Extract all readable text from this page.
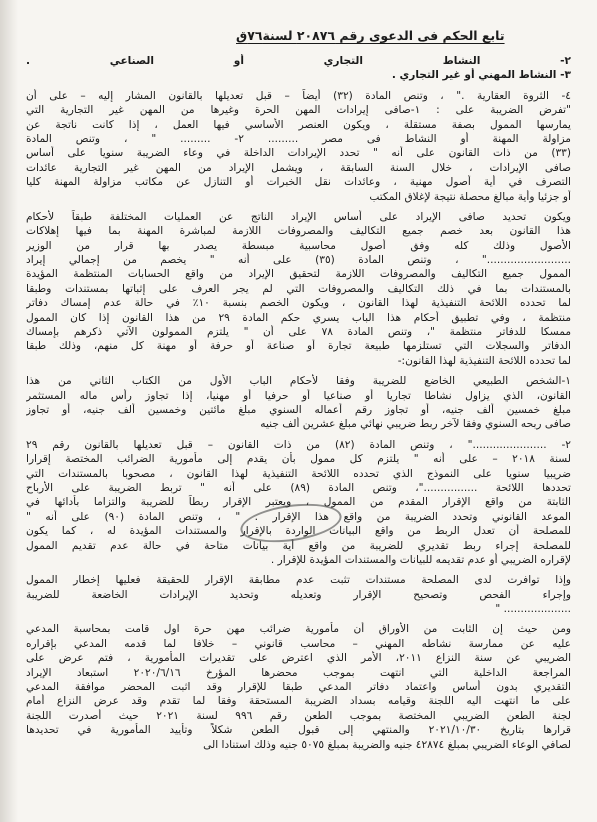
تابع الحكم فى الدعوى رقم ٢٠٨٧٦ لسنة٧٦ق
٢- النشاط التجاري أو الصناعي .
٣- النشاط المهني أو غير التجاري .
٤- الثروة العقارية ." ، وتنص المادة (٣٢) أيضاً – قبل تعديلها بالقانون المشار إليه – على أن
"تفرض الضريبة على : ١-صافى إيرادات المهن الحرة وغيرها من المهن غير التجارية التي
يمارسها الممول بصفة مستقلة ، ويكون العنصر الأساسي فيها العمل ، إذا كانت ناتجة عن
مزاولة المهنة أو النشاط فى مصر ......... ٢- ......... " ، وتنص المادة
(٣٣) من ذات القانون على أنه " تحدد الإيرادات الداخلة في وعاء الضريبة سنويا على أساس
صافى الإيرادات ، خلال السنة السابقة ، ويشمل الإيراد من المهن غير التجارية عائدات
التصرف في أية أصول مهنية ، وعائدات نقل الخبرات أو التنازل عن مكاتب مزاولة المهنة كليا
أو جزئيا وأية مبالغ محصلة نتيجة لإغلاق المكتب
ويكون تحديد صافى الإيراد على أساس الإيراد الناتج عن العمليات المختلفة طبقاً لأحكام
هذا القانون بعد خصم جميع التكاليف والمصروفات اللازمة لمباشرة المهنة بما فيها إهلاكات
الأصول وذلك كله وفق أصول محاسبية مبسطة يصدر بها قرار من الوزير
........................." ، وتنص المادة (٣٥) على أنه " يخصم من إجمالي إيراد
الممول جميع التكاليف والمصروفات اللازمة لتحقيق الإيراد من واقع الحسابات المنتظمة المؤيدة
بالمستندات بما في ذلك التكاليف والمصروفات التي لم يجر العرف على إثباتها بمستندات وطبقا
لما تحدده اللائحة التنفيذية لهذا القانون ، ويكون الخصم بنسبة ١٠٪ في حالة عدم إمساك دفاتر
منتظمة ، وفي تطبيق أحكام هذا الباب يسري حكم المادة ٢٩ من هذا القانون إذا كان الممول
ممسكا للدفاتر منتظمة "، وتنص المادة ٧٨ على أن " يلتزم الممولون الآتي ذكرهم بإمساك
الدفاتر والسجلات التي تستلزمها طبيعة تجارة أو صناعة أو حرفة أو مهنة كل منهم، وذلك طبقا
لما تحدده اللائحة التنفيذية لهذا القانون:-
١-الشخص الطبيعي الخاضع للضريبة وفقا لأحكام الباب الأول من الكتاب الثاني من هذا
القانون، الذي يزاول نشاطا تجاريا أو صناعيا أو حرفيا أو مهنيا، إذا تجاوز رأس ماله المستثمر
مبلغ خمسين ألف جنيه، أو تجاوز رقم أعماله السنوي مبلغ مائتين وخمسين ألف جنيه، أو تجاوز
صافى ربحه السنوي وفقا لآخر ربط ضريبي نهائي مبلغ عشرين ألف جنيه
٢- ......................" ، وتنص المادة (٨٢) من ذات القانون – قبل تعديلها بالقانون رقم ٢٩
لسنة ٢٠١٨ – على أنه " يلتزم كل ممول بأن يقدم إلى مأمورية الضرائب المختصة إقرارا
ضريبيا سنويا على النموذج الذي تحدده اللائحة التنفيذية لهذا القانون ، مصحوبا بالمستندات التي
تحددها اللائحة ................"، وتنص المادة (٨٩) على أنه " تربط الضريبة على الأرباح
الثابتة من واقع الإقرار المقدم من الممول ، ويعتبر الإقرار ربطاً للضريبة والتزاما بأدائها في
الموعد القانوني وتحدد الضريبة من واقع هذا الإقرار . " ، وتنص المادة (٩٠) على أنه "
للمصلحة أن تعدل الربط من واقع البيانات الواردة بالإقرار والمستندات المؤيدة له ، كما يكون
للمصلحة إجراء ربط تقديري للضريبة من واقع أية بيانات متاحة في حالة عدم تقديم الممول
لإقراره الضريبي أو عدم تقديمه للبيانات والمستندات المؤيدة للإقرار .
وإذا توافرت لدى المصلحة مستندات تثبت عدم مطابقة الإقرار للحقيقة فعليها إخطار الممول
وإجراء الفحص وتصحيح الإقرار وتعديله وتحديد الإيرادات الخاضعة للضريبة
.................... "
ومن حيث إن الثابت من الأوراق أن مأمورية ضرائب مهن حرة اول قامت بمحاسبة المدعي
عليه عن ممارسة نشاطه المهني – محاسب قانوني – خلافا لما قدمه المدعي بإقراره
الضريبي عن سنة النزاع ٢٠١١، الأمر الذي اعترض على تقديرات المأمورية ، فتم عرض على
المراجعة الداخلية التي انتهت بموجب محضرها المؤرخ ٢٠٢٠/٦/١٦ استبعاد الإيراد
التقديري بدون أساس واعتماد دفاتر المدعي طبقا للإقرار وقد اثبت المحضر موافقة المدعي
على ما انتهت اليه اللجنة وقيامه بسداد الضريبة المستحقة وفقا لما تقدم وقد عرض النزاع أمام
لجنة الطعن الضريبي المختصة بموجب الطعن رقم ٩٩٦ لسنة ٢٠٢١ حيث أصدرت اللجنة
قرارها بتاريخ ٢٠٢١/١٠/٣٠ والمنتهي إلى قبول الطعن شكلاً وتأييد المأمورية في تحديدها
لصافي الوعاء الضريبي بمبلغ ٤٢٨٧٤ جنيه والضريبة بمبلغ ٥٠٧٥ جنيه وذلك استنادا الى
